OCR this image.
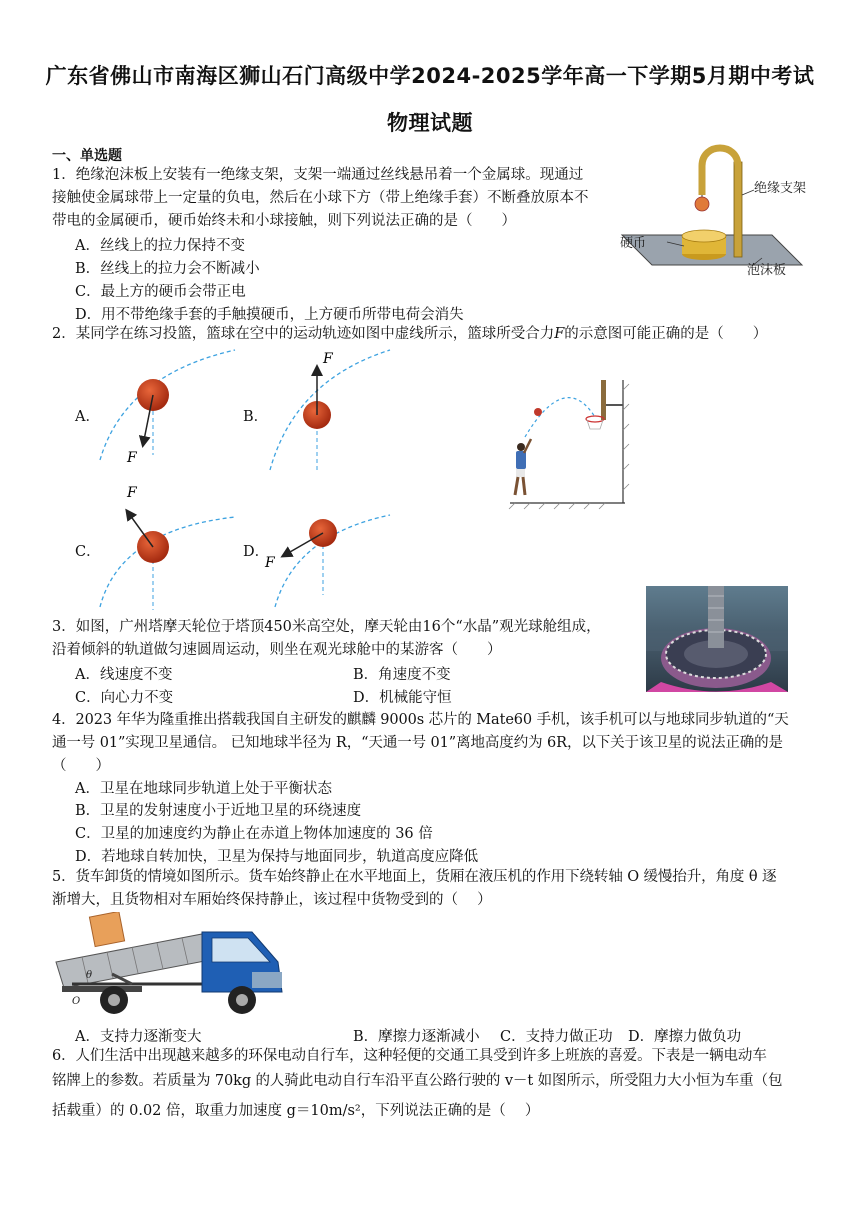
广东省佛山市南海区狮山石门高级中学2024-2025学年高一下学期5月期中考试
物理试题
一、单选题
1．绝缘泡沫板上安装有一绝缘支架，支架一端通过丝线悬吊着一个金属球。现通过
接触使金属球带上一定量的负电，然后在小球下方（带上绝缘手套）不断叠放原本不
带电的金属硬币，硬币始终未和小球接触，则下列说法正确的是（　　）
A．丝线上的拉力保持不变
B．丝线上的拉力会不断减小
C．最上方的硬币会带正电
D．用不带绝缘手套的手触摸硬币，上方硬币所带电荷会消失
绝缘支架
硬币
泡沫板
2．某同学在练习投篮，篮球在空中的运动轨迹如图中虚线所示，篮球所受合力F的示意图可能正确的是（　　）
A．	B．
C．	D．
F
F
F
F
3．如图，广州塔摩天轮位于塔顶450米高空处，摩天轮由16个“水晶”观光球舱组成，
沿着倾斜的轨道做匀速圆周运动，则坐在观光球舱中的某游客（　　）
A．线速度不变	B．角速度不变
C．向心力不变	D．机械能守恒
4．2023 年华为隆重推出搭载我国自主研发的麒麟 9000s 芯片的 Mate60 手机，该手机可以与地球同步轨道的“天
通一号 01”实现卫星通信。 已知地球半径为 R，“天通一号 01”离地高度约为 6R，以下关于该卫星的说法正确的是
（　　）
A．卫星在地球同步轨道上处于平衡状态
B．卫星的发射速度小于近地卫星的环绕速度
C．卫星的加速度约为静止在赤道上物体加速度的 36 倍
D．若地球自转加快，卫星为保持与地面同步，轨道高度应降低
5．货车卸货的情境如图所示。货车始终静止在水平地面上，货厢在液压机的作用下绕转轴 O 缓慢抬升，角度 θ 逐
渐增大，且货物相对车厢始终保持静止，该过程中货物受到的（　 ）
θ
O
A．支持力逐渐变大	B．摩擦力逐渐减小 C．支持力做正功 D．摩擦力做负功
6．人们生活中出现越来越多的环保电动自行车，这种轻便的交通工具受到许多上班族的喜爱。下表是一辆电动车
铭牌上的参数。若质量为 70kg 的人骑此电动自行车沿平直公路行驶的 v－t 如图所示，所受阻力大小恒为车重（包
括载重）的 0.02 倍，取重力加速度 g＝10m/s²，下列说法正确的是（　 ）
